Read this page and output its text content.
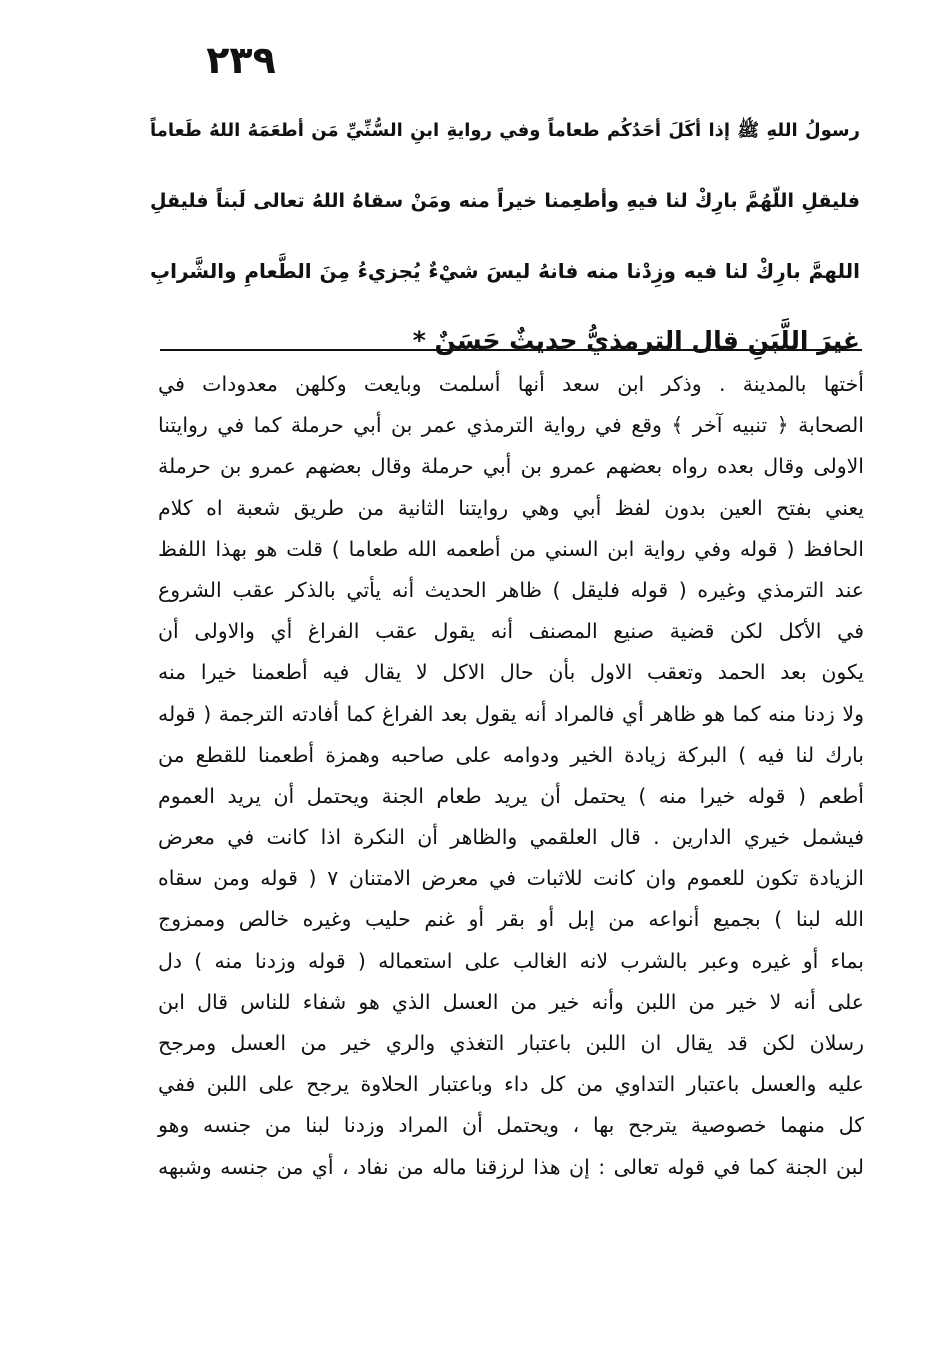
٢٣٩
رسولُ اللهِ ﷺ إذا أكَلَ أحَدُكُم طعاماً وفي روايةِ ابنِ السُّنِّيِّ مَن أطعَمَهُ اللهُ طَعاماً
فليقلِ اللّهُمَّ بارِكْ لنا فيهِ وأطعِمنا خيراً منه ومَنْ سقاهُ اللهُ تعالى لَبناً فليقلِ
اللهمَّ بارِكْ لنا فيه وزِدْنا منه فانهُ ليسَ شيْءٌ يُجزيءُ مِنَ الطَّعامِ والشَّرابِ
غيرَ اللَّبَنِ قال الترمذيُّ حديثٌ حَسَنٌ *
أختها بالمدينة . وذكر ابن سعد أنها أسلمت وبايعت وكلهن معدودات في
الصحابة ﴿ تنبيه آخر ﴾ وقع في رواية الترمذي عمر بن أبي حرملة كما في روايتنا
الاولى وقال بعده رواه بعضهم عمرو بن أبي حرملة وقال بعضهم عمرو بن حرملة
يعني بفتح العين بدون لفظ أبي وهي روايتنا الثانية من طريق شعبة اه كلام
الحافظ ( قوله وفي رواية ابن السني من أطعمه الله طعاما ) قلت هو بهذا اللفظ
عند الترمذي وغيره ( قوله فليقل ) ظاهر الحديث أنه يأتي بالذكر عقب الشروع
في الأكل لكن قضية صنيع المصنف أنه يقول عقب الفراغ أي والاولى أن
يكون بعد الحمد وتعقب الاول بأن حال الاكل لا يقال فيه أطعمنا خيرا منه
ولا زدنا منه كما هو ظاهر أي فالمراد أنه يقول بعد الفراغ كما أفادته الترجمة ( قوله
بارك لنا فيه ) البركة زيادة الخير ودوامه على صاحبه وهمزة أطعمنا للقطع من
أطعم ( قوله خيرا منه ) يحتمل أن يريد طعام الجنة ويحتمل أن يريد العموم
فيشمل خيري الدارين . قال العلقمي والظاهر أن النكرة اذا كانت في معرض
الزيادة تكون للعموم وان كانت للاثبات في معرض الامتنان ٧ ( قوله ومن سقاه
الله لبنا ) بجميع أنواعه من إبل أو بقر أو غنم حليب وغيره خالص وممزوج
بماء أو غيره وعبر بالشرب لانه الغالب على استعماله ( قوله وزدنا منه ) دل
على أنه لا خير من اللبن وأنه خير من العسل الذي هو شفاء للناس قال ابن
رسلان لكن قد يقال ان اللبن باعتبار التغذي والري خير من العسل ومرجح
عليه والعسل باعتبار التداوي من كل داء وباعتبار الحلاوة يرجح على اللبن ففي
كل منهما خصوصية يترجح بها ، ويحتمل أن المراد وزدنا لبنا من جنسه وهو
لبن الجنة كما في قوله تعالى : إن هذا لرزقنا ماله من نفاد ، أي من جنسه وشبهه
